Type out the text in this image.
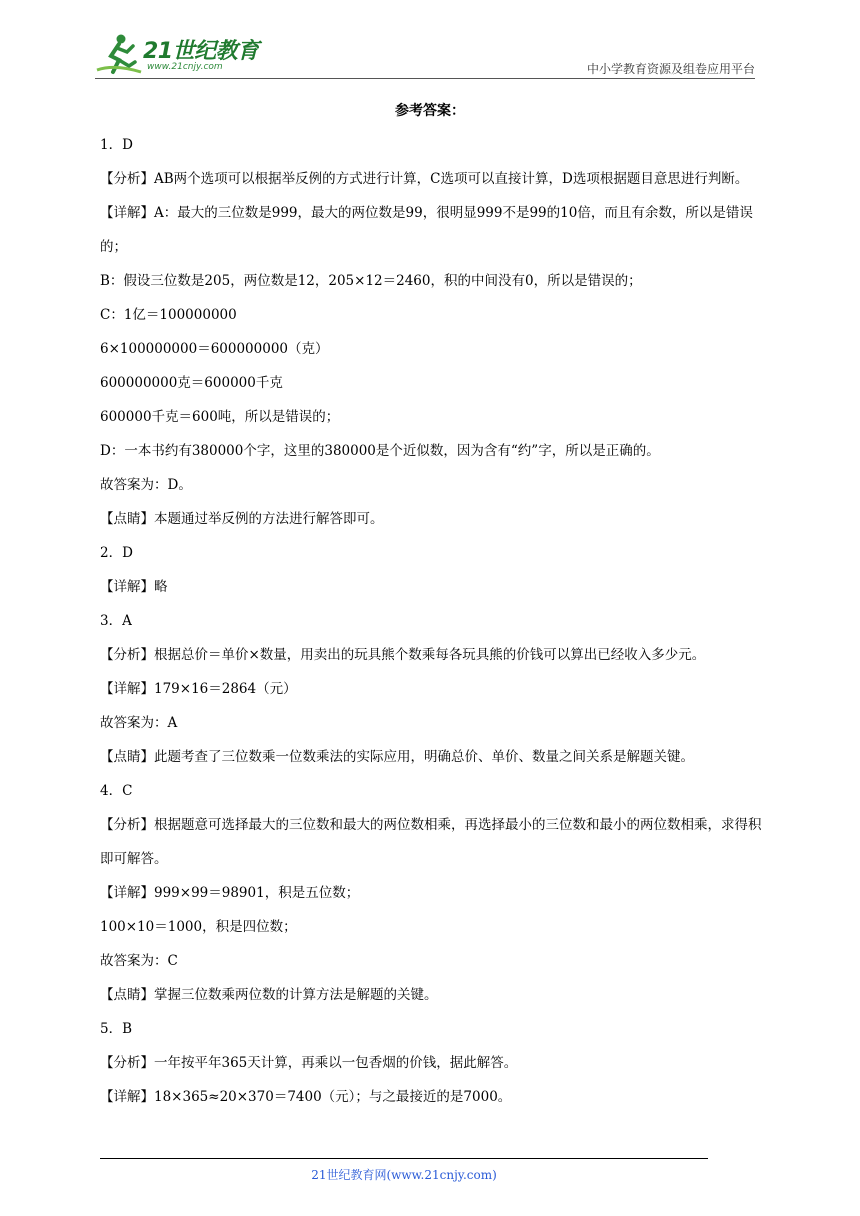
21世纪教育
www.21cnjy.com	中小学教育资源及组卷应用平台
参考答案：
1．D
【分析】AB两个选项可以根据举反例的方式进行计算，C选项可以直接计算，D选项根据题目意思进行判断。
【详解】A：最大的三位数是999，最大的两位数是99，很明显999不是99的10倍，而且有余数，所以是错误的；
B：假设三位数是205，两位数是12，205×12＝2460，积的中间没有0，所以是错误的；
C：1亿＝100000000
6×100000000＝600000000（克）
600000000克＝600000千克
600000千克＝600吨，所以是错误的；
D：一本书约有380000个字，这里的380000是个近似数，因为含有“约”字，所以是正确的。
故答案为：D。
【点睛】本题通过举反例的方法进行解答即可。
2．D
【详解】略
3．A
【分析】根据总价＝单价×数量，用卖出的玩具熊个数乘每各玩具熊的价钱可以算出已经收入多少元。
【详解】179×16＝2864（元）
故答案为：A
【点睛】此题考查了三位数乘一位数乘法的实际应用，明确总价、单价、数量之间关系是解题关键。
4．C
【分析】根据题意可选择最大的三位数和最大的两位数相乘，再选择最小的三位数和最小的两位数相乘，求得积即可解答。
【详解】999×99＝98901，积是五位数；
100×10＝1000，积是四位数；
故答案为：C
【点睛】掌握三位数乘两位数的计算方法是解题的关键。
5．B
【分析】一年按平年365天计算，再乘以一包香烟的价钱，据此解答。
【详解】18×365≈20×370＝7400（元）；与之最接近的是7000。
21世纪教育网(www.21cnjy.com)
